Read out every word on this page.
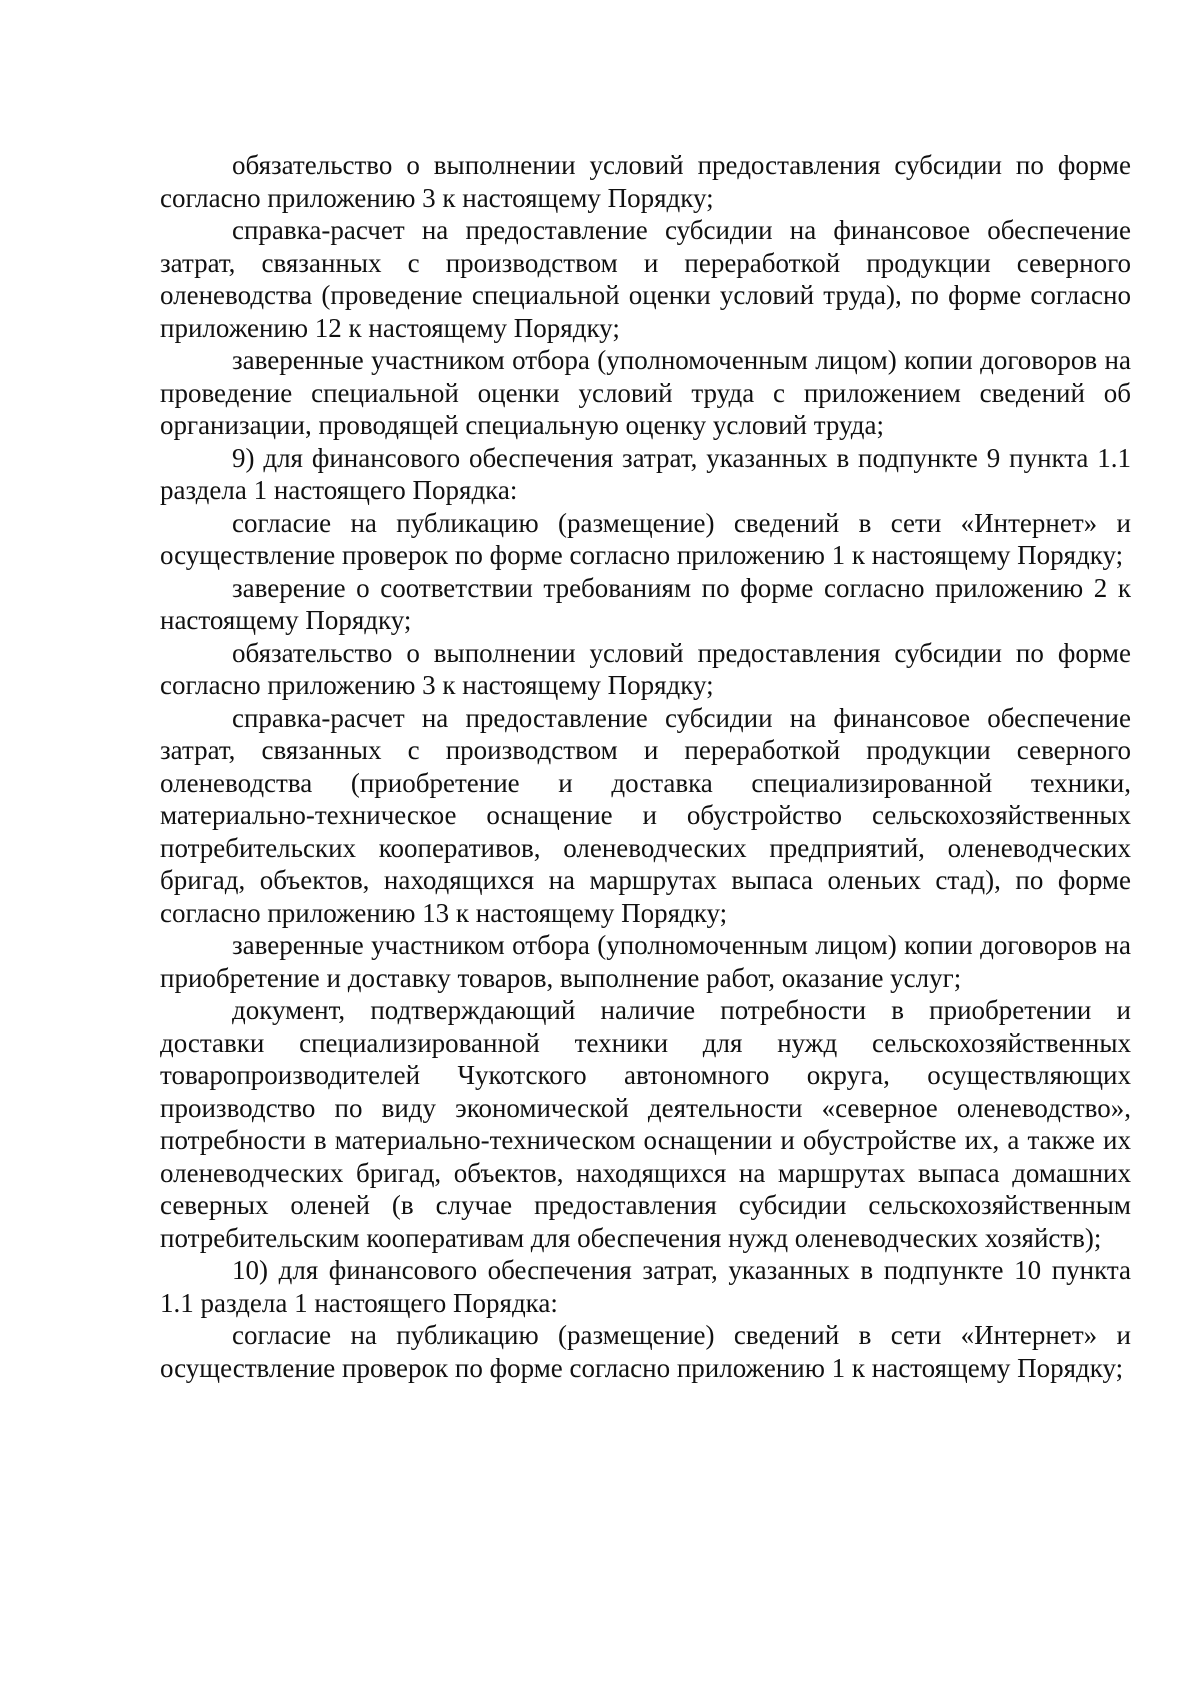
обязательство о выполнении условий предоставления субсидии по форме согласно приложению 3 к настоящему Порядку;

справка-расчет на предоставление субсидии на финансовое обеспечение затрат, связанных с производством и переработкой продукции северного оленеводства (проведение специальной оценки условий труда), по форме согласно приложению 12 к настоящему Порядку;

заверенные участником отбора (уполномоченным лицом) копии договоров на проведение специальной оценки условий труда с приложением сведений об организации, проводящей специальную оценку условий труда;

9) для финансового обеспечения затрат, указанных в подпункте 9 пункта 1.1 раздела 1 настоящего Порядка:

согласие на публикацию (размещение) сведений в сети «Интернет» и осуществление проверок по форме согласно приложению 1 к настоящему Порядку;

заверение о соответствии требованиям по форме согласно приложению 2 к настоящему Порядку;

обязательство о выполнении условий предоставления субсидии по форме согласно приложению 3 к настоящему Порядку;

справка-расчет на предоставление субсидии на финансовое обеспечение затрат, связанных с производством и переработкой продукции северного оленеводства (приобретение и доставка специализированной техники, материально-техническое оснащение и обустройство сельскохозяйственных потребительских кооперативов, оленеводческих предприятий, оленеводческих бригад, объектов, находящихся на маршрутах выпаса оленьих стад), по форме согласно приложению 13 к настоящему Порядку;

заверенные участником отбора (уполномоченным лицом) копии договоров на приобретение и доставку товаров, выполнение работ, оказание услуг;

документ, подтверждающий наличие потребности в приобретении и доставки специализированной техники для нужд сельскохозяйственных товаропроизводителей Чукотского автономного округа, осуществляющих производство по виду экономической деятельности «северное оленеводство», потребности в материально-техническом оснащении и обустройстве их, а также их оленеводческих бригад, объектов, находящихся на маршрутах выпаса домашних северных оленей (в случае предоставления субсидии сельскохозяйственным потребительским кооперативам для обеспечения нужд оленеводческих хозяйств);

10) для финансового обеспечения затрат, указанных в подпункте 10 пункта 1.1 раздела 1 настоящего Порядка:

согласие на публикацию (размещение) сведений в сети «Интернет» и осуществление проверок по форме согласно приложению 1 к настоящему Порядку;
